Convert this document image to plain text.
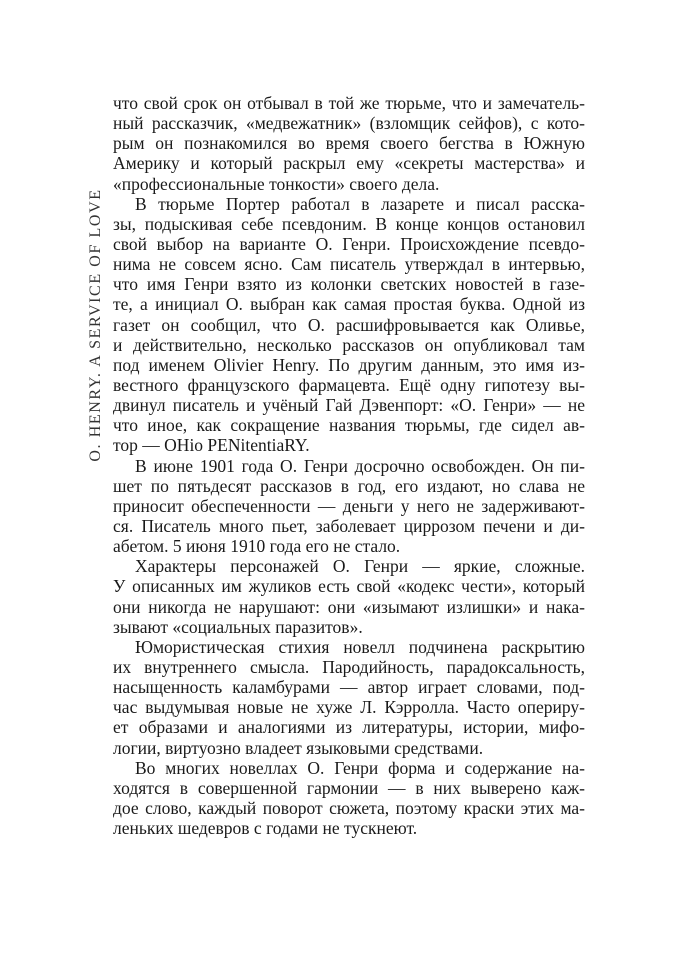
O. HENRY. A SERVICE OF LOVE
что свой срок он отбывал в той же тюрьме, что и замечатель-
ный рассказчик, «медвежатник» (взломщик сейфов), с кото-
рым он познакомился во время своего бегства в Южную
Америку и который раскрыл ему «секреты мастерства» и
«профессиональные тонкости» своего дела.
В тюрьме Портер работал в лазарете и писал расска-
зы, подыскивая себе псевдоним. В конце концов остановил
свой выбор на варианте О. Генри. Происхождение псевдо-
нима не совсем ясно. Сам писатель утверждал в интервью,
что имя Генри взято из колонки светских новостей в газе-
те, а инициал О. выбран как самая простая буква. Одной из
газет он сообщил, что О. расшифровывается как Оливье,
и действительно, несколько рассказов он опубликовал там
под именем Olivier Henry. По другим данным, это имя из-
вестного французского фармацевта. Ещё одну гипотезу вы-
двинул писатель и учёный Гай Дэвенпорт: «О. Генри» — не
что иное, как сокращение названия тюрьмы, где сидел ав-
тор — OHio PENitentiaRY.
В июне 1901 года О. Генри досрочно освобожден. Он пи-
шет по пятьдесят рассказов в год, его издают, но слава не
приносит обеспеченности — деньги у него не задерживают-
ся. Писатель много пьет, заболевает циррозом печени и ди-
абетом. 5 июня 1910 года его не стало.
Характеры персонажей О. Генри — яркие, сложные.
У описанных им жуликов есть свой «кодекс чести», который
они никогда не нарушают: они «изымают излишки» и нака-
зывают «социальных паразитов».
Юмористическая стихия новелл подчинена раскрытию
их внутреннего смысла. Пародийность, парадоксальность,
насыщенность каламбурами — автор играет словами, под-
час выдумывая новые не хуже Л. Кэрролла. Часто опериру-
ет образами и аналогиями из литературы, истории, мифо-
логии, виртуозно владеет языковыми средствами.
Во многих новеллах О. Генри форма и содержание на-
ходятся в совершенной гармонии — в них выверено каж-
дое слово, каждый поворот сюжета, поэтому краски этих ма-
леньких шедевров с годами не тускнеют.
